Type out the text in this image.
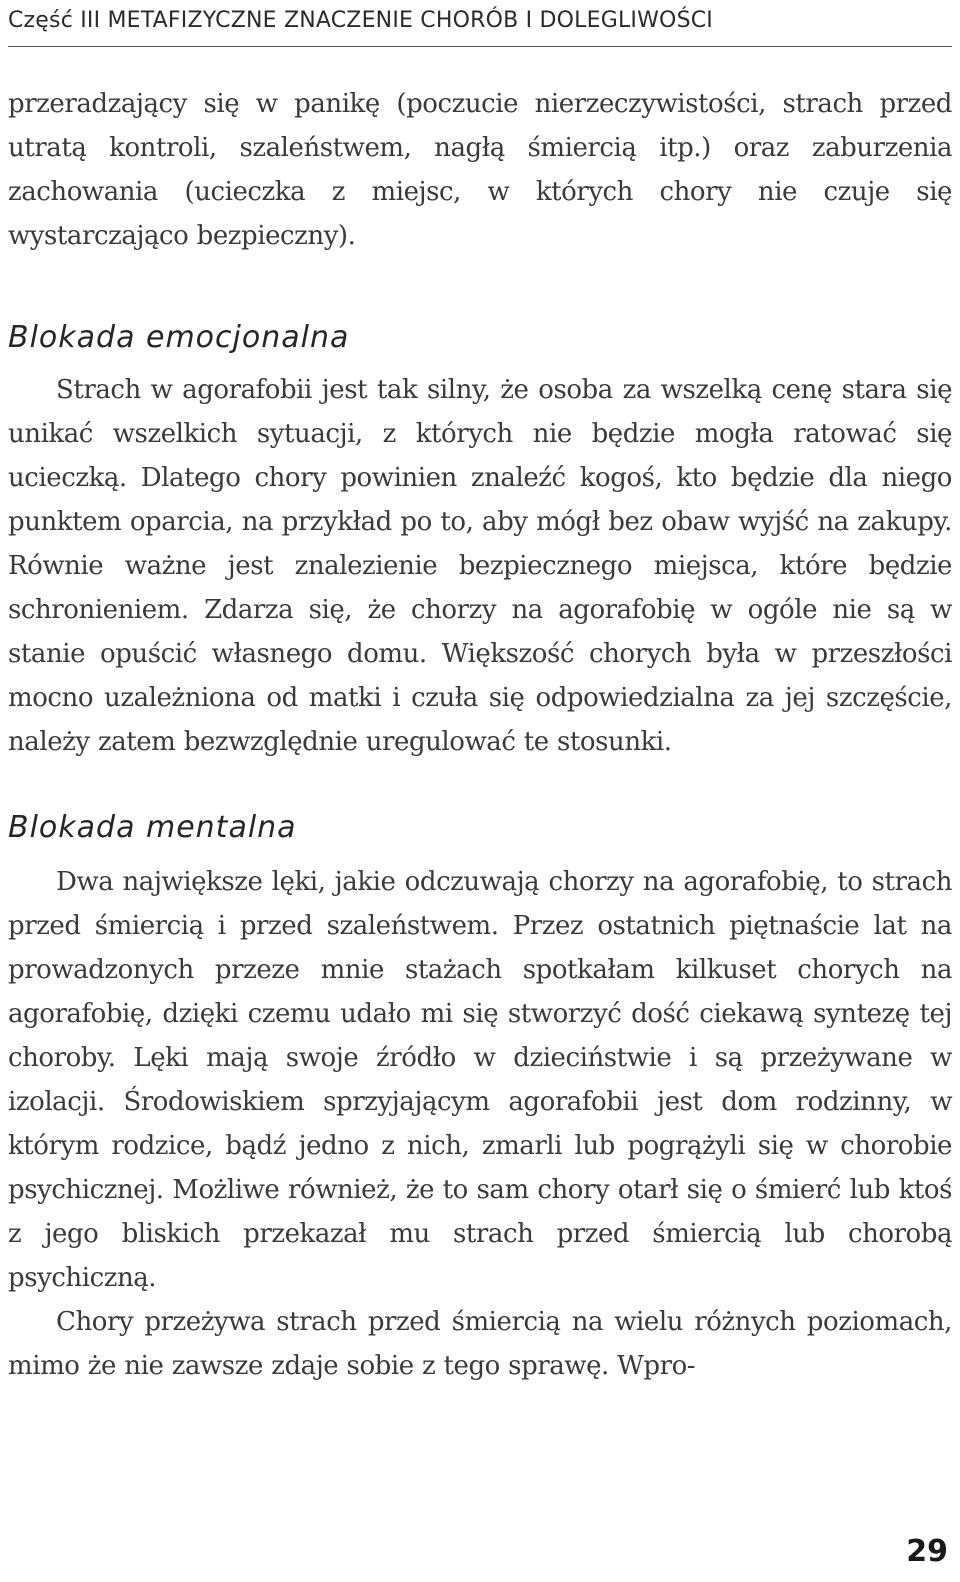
Część III METAFIZYCZNE ZNACZENIE CHORÓB I DOLEGLIWOŚCI

przeradzający się w panikę (poczucie nierzeczywistości, strach przed utratą kontroli, szaleństwem, nagłą śmiercią itp.) oraz zaburzenia zachowania (ucieczka z miejsc, w których chory nie czuje się wystarczająco bezpieczny).

Blokada emocjonalna

Strach w agorafobii jest tak silny, że osoba za wszelką cenę stara się unikać wszelkich sytuacji, z których nie będzie mogła ratować się ucieczką. Dlatego chory powinien znaleźć kogoś, kto będzie dla niego punktem oparcia, na przykład po to, aby mógł bez obaw wyjść na zakupy. Równie ważne jest znalezienie bezpiecznego miejsca, które będzie schronieniem. Zdarza się, że chorzy na agorafobię w ogóle nie są w stanie opuścić własnego domu. Większość chorych była w przeszłości mocno uzależniona od matki i czuła się odpowiedzialna za jej szczęście, należy zatem bezwzględnie uregulować te stosunki.

Blokada mentalna

Dwa największe lęki, jakie odczuwają chorzy na agorafobię, to strach przed śmiercią i przed szaleństwem. Przez ostatnich piętnaście lat na prowadzonych przeze mnie stażach spotkałam kilkuset chorych na agorafobię, dzięki czemu udało mi się stworzyć dość ciekawą syntezę tej choroby. Lęki mają swoje źródło w dzieciństwie i są przeżywane w izolacji. Środowiskiem sprzyjającym agorafobii jest dom rodzinny, w którym rodzice, bądź jedno z nich, zmarli lub pogrążyli się w chorobie psychicznej. Możliwe również, że to sam chory otarł się o śmierć lub ktoś z jego bliskich przekazał mu strach przed śmiercią lub chorobą psychiczną.

Chory przeżywa strach przed śmiercią na wielu różnych poziomach, mimo że nie zawsze zdaje sobie z tego sprawę. Wpro-

29
